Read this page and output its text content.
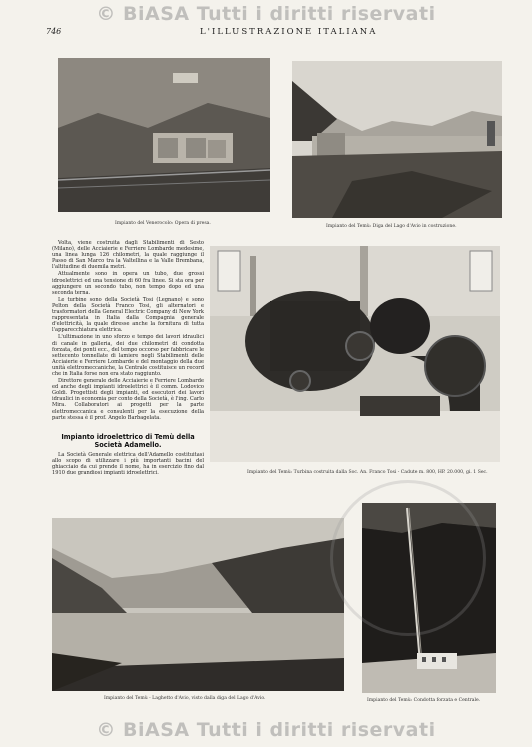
© BiASA Tutti i diritti riservati
746	L'ILLUSTRAZIONE ITALIANA
Impianto del Venerocolo: Opera di presa.
Impianto del Temù: Diga del Lago d'Avio in costruzione.

Volta, viene costruita dagli Stabilimenti di Sesto (Milano), delle Acciaierie e Ferriere Lombarde medesime, una linea lunga 126 chilometri, la quale raggiunge il Passo di San Marco tra la Valtellina e la Valle Brembana, l'altitudine di duemila metri.

Attualmente sono in opera un tubo, due grossi idroelettrici ed una tensione di 60 fra linee. Si sta ora per aggiungere un secondo tubo, non tempo dopo ed una seconda terna.

Le turbine sono della Società Tosi (Legnano) e sono Pelton della Società Franco Tosi, gli alternatori e trasformatori della General Electric Company di New York rappresentata in Italia dalla Compagnia generale d'elettricità, la quale diresse anche la fornitura di tutta l'apparecchiatura elettrica.

L'ultimazione in uno sforzo e tempo dei lavori idraulici di canale in galleria, dei due chilometri di condotta forzata, dei ponti ecc., del tempo occorso per fabbricare le settecento tonnellate di lamiere negli Stabilimenti delle Acciaierie e Ferriere Lombarde e del montaggio della due unità elettromeccaniche, la Centrale costituisce un record che in Italia forse non era stato raggiunto.

Direttore generale delle Acciaierie e Ferriere Lombarde ed anche degli impianti idroelettrici è il comm. Lodovico Goldi. Progettisti degli impianti, ed esecutori dei lavori idraulici in economia per conto della Società, è l'ing. Carlo Mira. Collaboratori ai progetti per la parte elettromeccanica e consulenti per la esecuzione della parte stessa è il prof. Angelo Barbagelata.

Impianto idroelettrico di Temù della Società Adamello.

La Società Generale elettrica dell'Adamello costituitasi allo scopo di utilizzare i più importanti bacini del ghiacciaio da cui prende il nome, ha in esercizio fino dal 1910 due grandiosi impianti idroelettrici.	Impianto del Temù: Turbina costruita dalla Soc. An. Franco Tosi - Cadute m. 800, HP. 20.000, gi. 1 Sec.
Impianto del Temù - Laghetto d'Avio, visto dalla diga del Lago d'Avio.	Impianto del Temù: Condotta forzata e Centrale.
© BiASA Tutti i diritti riservati
